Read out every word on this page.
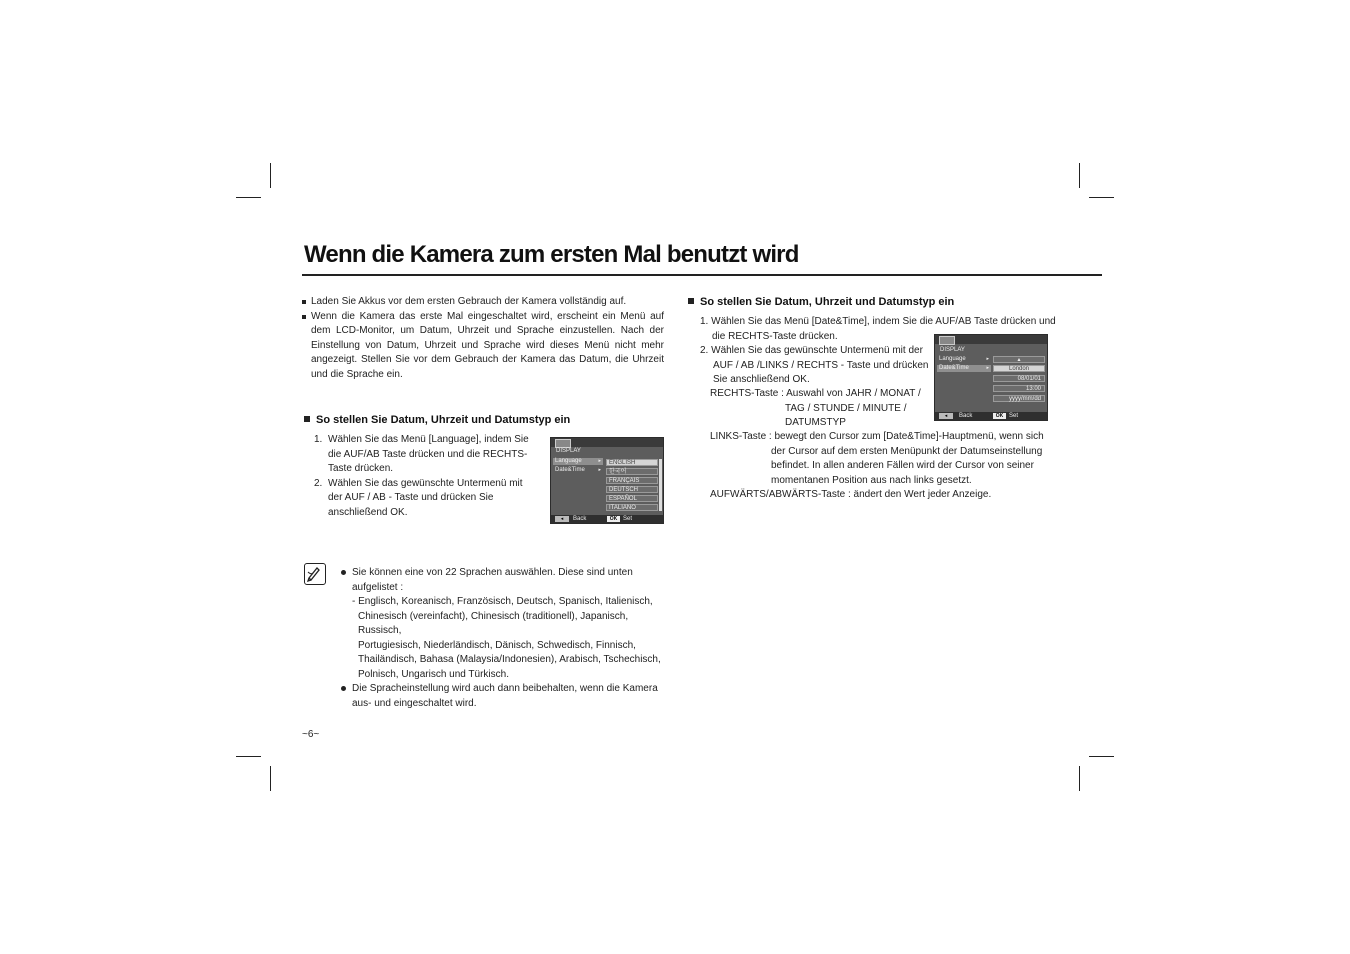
Wenn die Kamera zum ersten Mal benutzt wird
Laden Sie Akkus vor dem ersten Gebrauch der Kamera vollständig auf.
Wenn die Kamera das erste Mal eingeschaltet wird, erscheint ein Menü auf dem LCD-Monitor, um Datum, Uhrzeit und Sprache einzustellen. Nach der Einstellung von Datum, Uhrzeit und Sprache wird dieses Menü nicht mehr angezeigt. Stellen Sie vor dem Gebrauch der Kamera das Datum, die Uhrzeit und die Sprache ein.
So stellen Sie Datum, Uhrzeit und Datumstyp ein
1. Wählen Sie das Menü [Language], indem Sie die AUF/AB Taste drücken und die RECHTS-Taste drücken.
2. Wählen Sie das gewünschte Untermenü mit der AUF / AB - Taste und drücken Sie anschließend OK.
DISPLAY
Language	▸
Date&Time	▸
ENGLISH
한국어
FRANÇAIS
DEUTSCH
ESPAÑOL
ITALIANO
◂	Back	OK Set
Sie können eine von 22 Sprachen auswählen. Diese sind unten
aufgelistet :
- Englisch, Koreanisch, Französisch, Deutsch, Spanisch, Italienisch,
Chinesisch (vereinfacht), Chinesisch (traditionell), Japanisch, Russisch,
Portugiesisch, Niederländisch, Dänisch, Schwedisch, Finnisch,
Thailändisch, Bahasa (Malaysia/Indonesien), Arabisch, Tschechisch,
Polnisch, Ungarisch und Türkisch.
Die Spracheinstellung wird auch dann beibehalten, wenn die Kamera
aus- und eingeschaltet wird.
~6~
So stellen Sie Datum, Uhrzeit und Datumstyp ein
1. Wählen Sie das Menü [Date&Time], indem Sie die AUF/AB Taste drücken und
die RECHTS-Taste drücken.
2. Wählen Sie das gewünschte Untermenü mit der
AUF / AB /LINKS / RECHTS - Taste und drücken
Sie anschließend OK.
RECHTS-Taste : Auswahl von JAHR / MONAT /
TAG / STUNDE / MINUTE /
DATUMSTYP
LINKS-Taste : bewegt den Cursor zum [Date&Time]-Hauptmenü, wenn sich
der Cursor auf dem ersten Menüpunkt der Datumseinstellung
befindet. In allen anderen Fällen wird der Cursor von seiner
momentanen Position aus nach links gesetzt.
AUFWÄRTS/ABWÄRTS-Taste : ändert den Wert jeder Anzeige.
DISPLAY
Language	▸
Date&Time	▸
▴
London
08/01/01
13:00
yyyy/mm/dd
◂	Back	OK Set
